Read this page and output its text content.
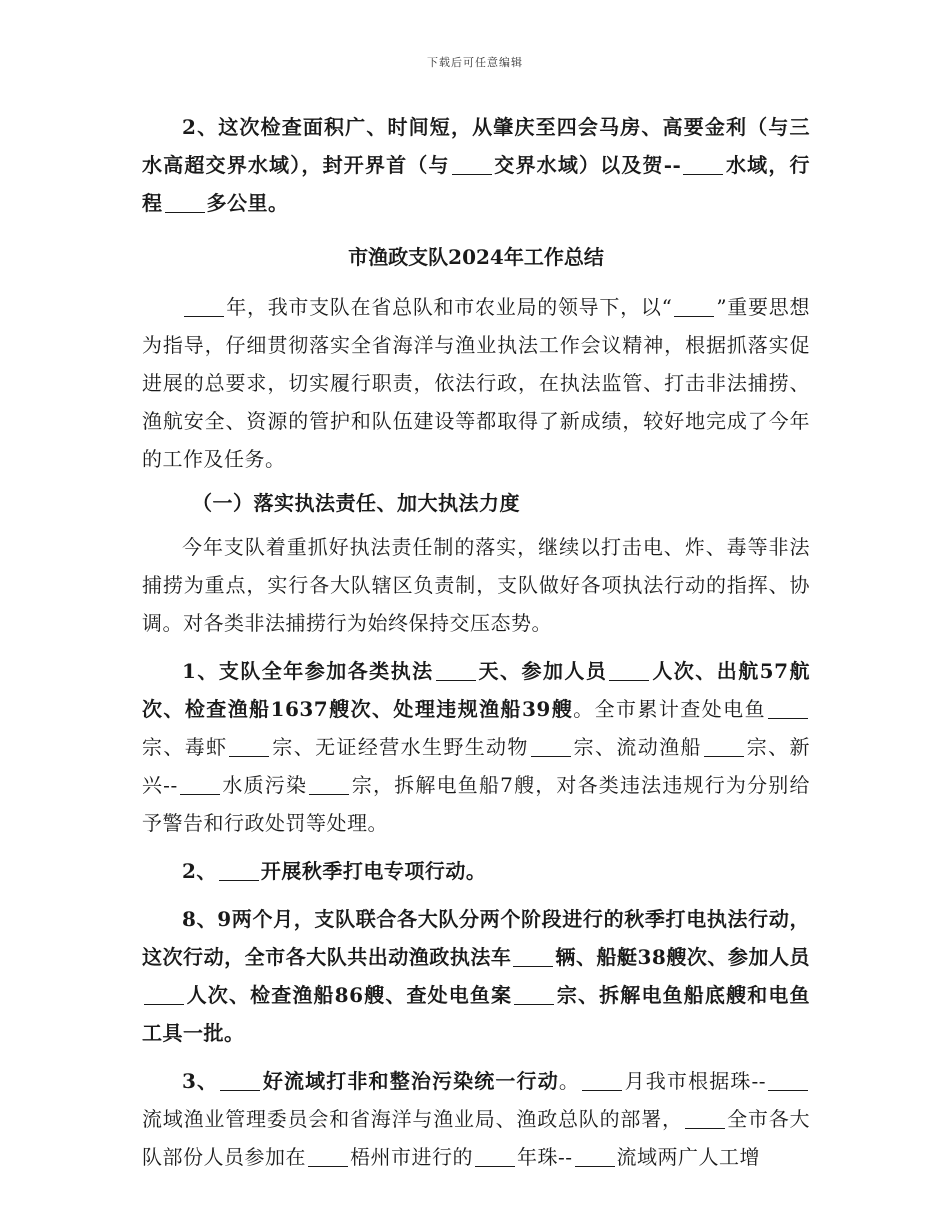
下载后可任意编辑

2、这次检查面积广、时间短，从肇庆至四会马房、高要金利（与三水高超交界水域），封开界首（与 交界水域）以及贺-- 水域，行程 多公里。

市渔政支队2024年工作总结

年，我市支队在省总队和市农业局的领导下，以“ ”重要思想为指导，仔细贯彻落实全省海洋与渔业执法工作会议精神，根据抓落实促进展的总要求，切实履行职责，依法行政，在执法监管、打击非法捕捞、渔航安全、资源的管护和队伍建设等都取得了新成绩，较好地完成了今年的工作及任务。

（一）落实执法责任、加大执法力度

今年支队着重抓好执法责任制的落实，继续以打击电、炸、毒等非法捕捞为重点，实行各大队辖区负责制，支队做好各项执法行动的指挥、协调。对各类非法捕捞行为始终保持交压态势。

1、支队全年参加各类执法 天、参加人员 人次、出航57航次、检查渔船1637艘次、处理违规渔船39艘。全市累计查处电鱼宗、毒虾 宗、无证经营水生野生动物 宗、流动渔船 宗、新兴-- 水质污染 宗，拆解电鱼船7艘，对各类违法违规行为分别给予警告和行政处罚等处理。

2、 开展秋季打电专项行动。

8、9两个月，支队联合各大队分两个阶段进行的秋季打电执法行动，这次行动，全市各大队共出动渔政执法车 辆、船艇38艘次、参加人员人次、检查渔船86艘、查处电鱼案 宗、拆解电鱼船底艘和电鱼工具一批。

3、 好流域打非和整治污染统一行动。 月我市根据珠--流域渔业管理委员会和省海洋与渔业局、渔政总队的部署， 全市各大队部份人员参加在 梧州市进行的 年珠-- 流域两广人工增
